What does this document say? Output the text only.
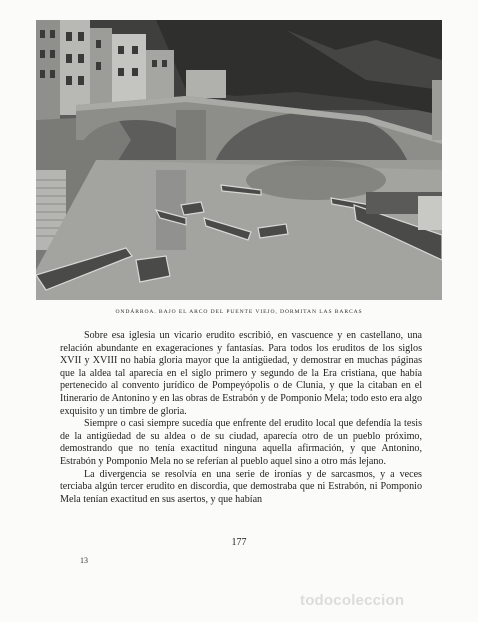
ONDÁRROA. BAJO EL ARCO DEL PUENTE VIEJO, DORMITAN LAS BARCAS

Sobre esa iglesia un vicario erudito escribió, en vascuence y en castellano, una relación abundante en exageraciones y fantasías. Para todos los eruditos de los siglos XVII y XVIII no había gloria mayor que la antigüedad, y demostrar en muchas páginas que la aldea tal aparecía en el siglo primero y segundo de la Era cristiana, que había pertenecido al convento jurídico de Pompeyópolis o de Clunia, y que la citaban en el Itinerario de Antonino y en las obras de Estrabón y de Pomponio Mela; todo esto era algo exquisito y un timbre de gloria.

Siempre o casi siempre sucedía que enfrente del erudito local que defendía la tesis de la antigüedad de su aldea o de su ciudad, aparecía otro de un pueblo próximo, demostrando que no tenía exactitud ninguna aquella afirmación, y que Antonino, Estrabón y Pomponio Mela no se referían al pueblo aquel sino a otro más lejano.

La divergencia se resolvía en una serie de ironías y de sarcasmos, y a veces terciaba algún tercer erudito en discordia, que demostraba que ni Estrabón, ni Pomponio Mela tenían exactitud en sus asertos, y que habían

177
13
todocoleccion
